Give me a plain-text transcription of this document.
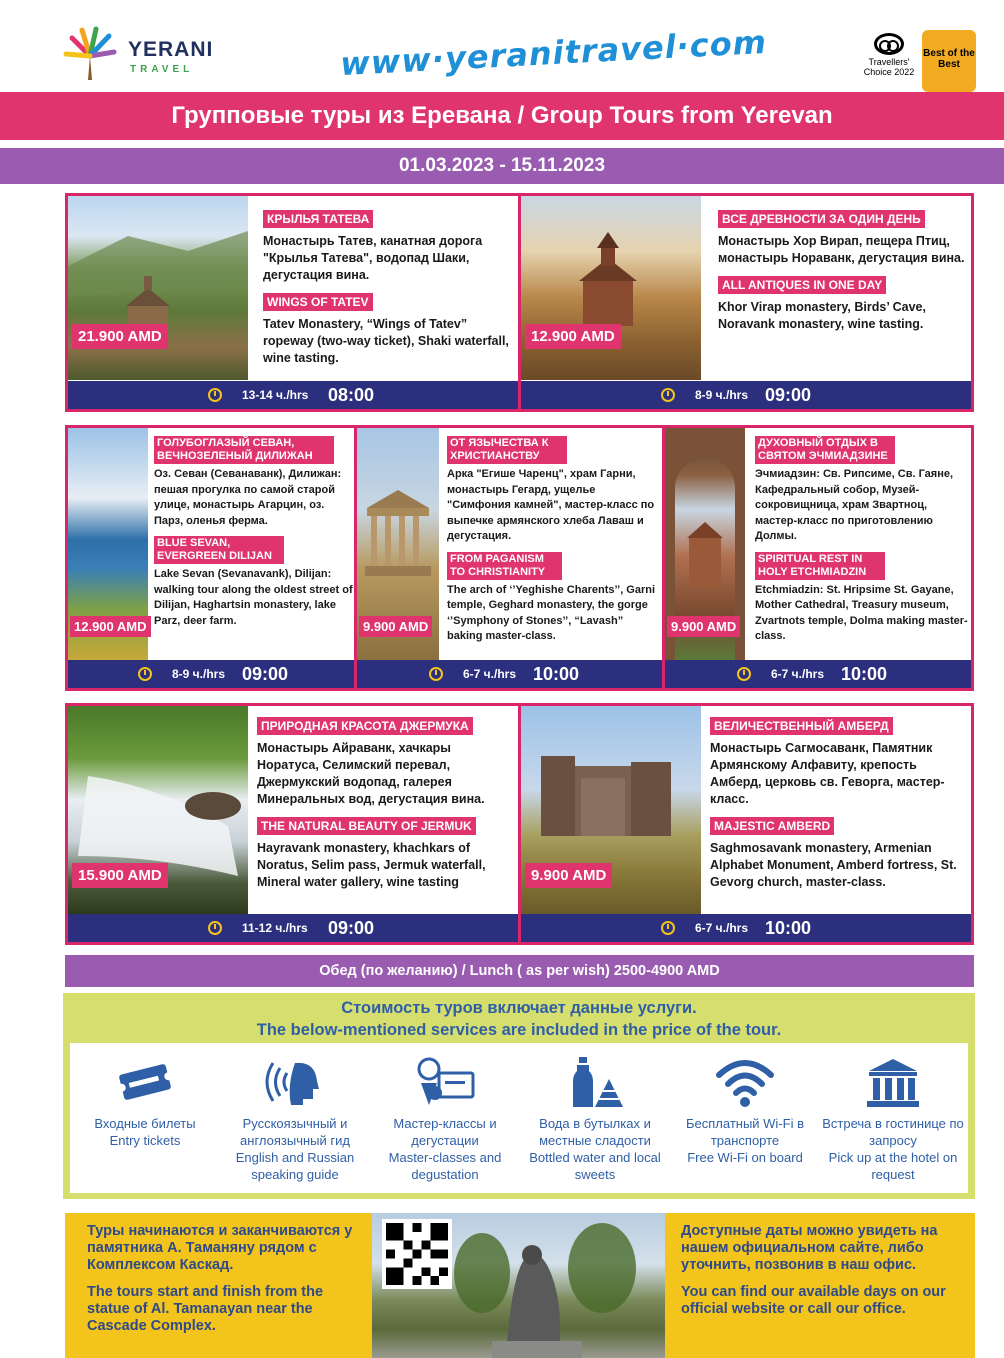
YERANI
TRAVEL	www·yeranitravel·com	Travellers' Choice 2022
Best of the Best
Групповые туры из Еревана / Group Tours from Yerevan
01.03.2023 - 15.11.2023
21.900 AMD
КРЫЛЬЯ ТАТЕВА
Монастырь Татев, канатная дорога "Крылья Татева", водопад Шаки, дегустация вина.
WINGS OF TATEV
Tatev Monastery, “Wings of Tatev” ropeway (two-way ticket), Shaki waterfall, wine tasting.
13-14 ч./hrs 08:00
12.900 AMD
ВСЕ ДРЕВНОСТИ ЗА ОДИН ДЕНЬ
Монастырь Хор Вирап, пещера Птиц, монастырь Нораванк, дегустация вина.
ALL ANTIQUES IN ONE DAY
Khor Virap monastery, Birds’ Cave, Noravank monastery, wine tasting.
8-9 ч./hrs 09:00
12.900 AMD
ГОЛУБОГЛАЗЫЙ СЕВАН, ВЕЧНОЗЕЛЕНЫЙ ДИЛИЖАН
Оз. Севан (Севанаванк), Дилижан: пешая прогулка по самой старой улице, монастырь Агарцин, оз. Парз, оленья ферма.
BLUE SEVAN, EVERGREEN DILIJAN
Lake Sevan (Sevanavank), Dilijan: walking tour along the oldest street of Dilijan, Haghartsin monastery, lake Parz, deer farm.
8-9 ч./hrs 09:00
9.900 AMD
ОТ ЯЗЫЧЕСТВА К ХРИСТИАНСТВУ
Арка "Егише Чаренц", храм Гарни, монастырь Гегард, ущелье "Симфония камней", мастер-класс по выпечке армянского хлеба Лаваш и дегустация.
FROM PAGANISM TO CHRISTIANITY
The arch of ‘’Yeghishe Charents’’, Garni temple, Geghard monastery, the gorge ‘’Symphony of Stones’’, “Lavash” baking master-class.
6-7 ч./hrs 10:00
9.900 AMD
ДУХОВНЫЙ ОТДЫХ В СВЯТОМ ЭЧМИАДЗИНЕ
Эчмиадзин: Св. Рипсиме, Св. Гаяне, Кафедральный собор, Музей-сокровищница, храм Звартноц, мастер-класс по приготовлению Долмы.
SPIRITUAL REST IN HOLY ETCHMIADZIN
Etchmiadzin: St. Hripsime St. Gayane, Mother Cathedral, Treasury museum, Zvartnots temple, Dolma making master-class.
6-7 ч./hrs 10:00
15.900 AMD
ПРИРОДНАЯ КРАСОТА ДЖЕРМУКА
Монастырь Айраванк, хачкары Норатуса, Селимский перевал, Джермукский водопад, галерея Минеральных вод, дегустация вина.
THE NATURAL BEAUTY OF JERMUK
Hayravank monastery, khachkars of Noratus, Selim pass, Jermuk waterfall, Mineral water gallery, wine tasting
11-12 ч./hrs 09:00
9.900 AMD
ВЕЛИЧЕСТВЕННЫЙ АМБЕРД
Монастырь Сагмосаванк, Памятник Армянскому Алфавиту, крепость Амберд, церковь св. Геворга, мастер-класс.
MAJESTIC AMBERD
Saghmosavank monastery, Armenian Alphabet Monument, Amberd fortress, St. Gevorg church, master-class.
6-7 ч./hrs 10:00
Обед (по желанию) / Lunch ( as per wish) 2500-4900 AMD
Стоимость туров включает данные услуги.
The below-mentioned services are included in the price of the tour.
Входные билеты
Entry tickets
Русскоязычный и англоязычный гид
English and Russian speaking guide
Мастер-классы и дегустации
Master-classes and degustation
Вода в бутылках и местные сладости
Bottled water and local sweets
Бесплатный Wi-Fi в транспорте
Free Wi-Fi on board
Встреча в гостинице по запросу
Pick up at the hotel on request
Туры начинаются и заканчиваются у памятника А. Таманяну рядом с Комплексом Каскад.
The tours start and finish from the statue of Al. Tamanayan near the Cascade Complex.
Доступные даты можно увидеть на нашем официальном сайте, либо уточнить, позвонив в наш офис.
You can find our available days on our official website or call our office.
